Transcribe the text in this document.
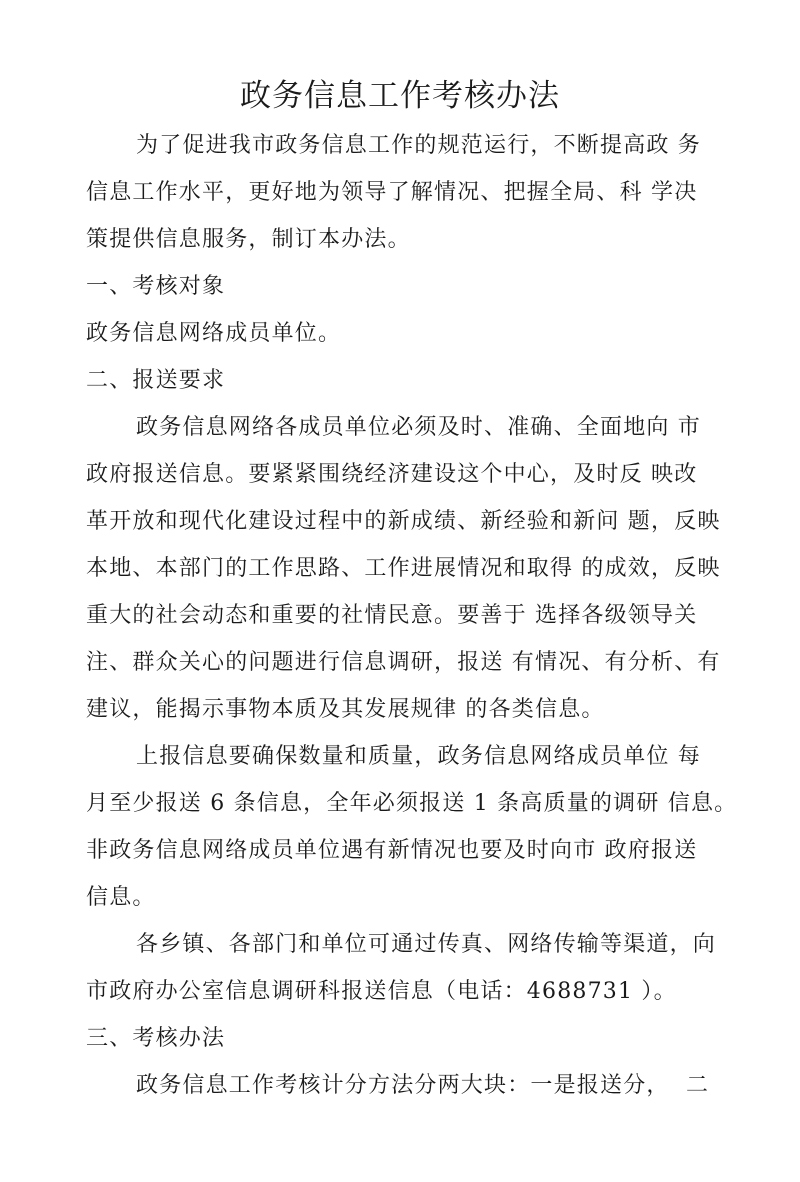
政务信息工作考核办法
为了促进我市政务信息工作的规范运行，不断提高政 务
信息工作水平，更好地为领导了解情况、把握全局、科 学决
策提供信息服务，制订本办法。
一、考核对象
政务信息网络成员单位。
二、报送要求
政务信息网络各成员单位必须及时、准确、全面地向 市
政府报送信息。要紧紧围绕经济建设这个中心，及时反 映改
革开放和现代化建设过程中的新成绩、新经验和新问 题，反映
本地、本部门的工作思路、工作进展情况和取得 的成效，反映
重大的社会动态和重要的社情民意。要善于 选择各级领导关
注、群众关心的问题进行信息调研，报送 有情况、有分析、有
建议，能揭示事物本质及其发展规律 的各类信息。
上报信息要确保数量和质量，政务信息网络成员单位 每
月至少报送 6 条信息，全年必须报送 1 条高质量的调研 信息。
非政务信息网络成员单位遇有新情况也要及时向市 政府报送
信息。
各乡镇、各部门和单位可通过传真、网络传输等渠道，向
市政府办公室信息调研科报送信息（电话：4688731 ）。
三、考核办法
政务信息工作考核计分方法分两大块：一是报送分，  二
